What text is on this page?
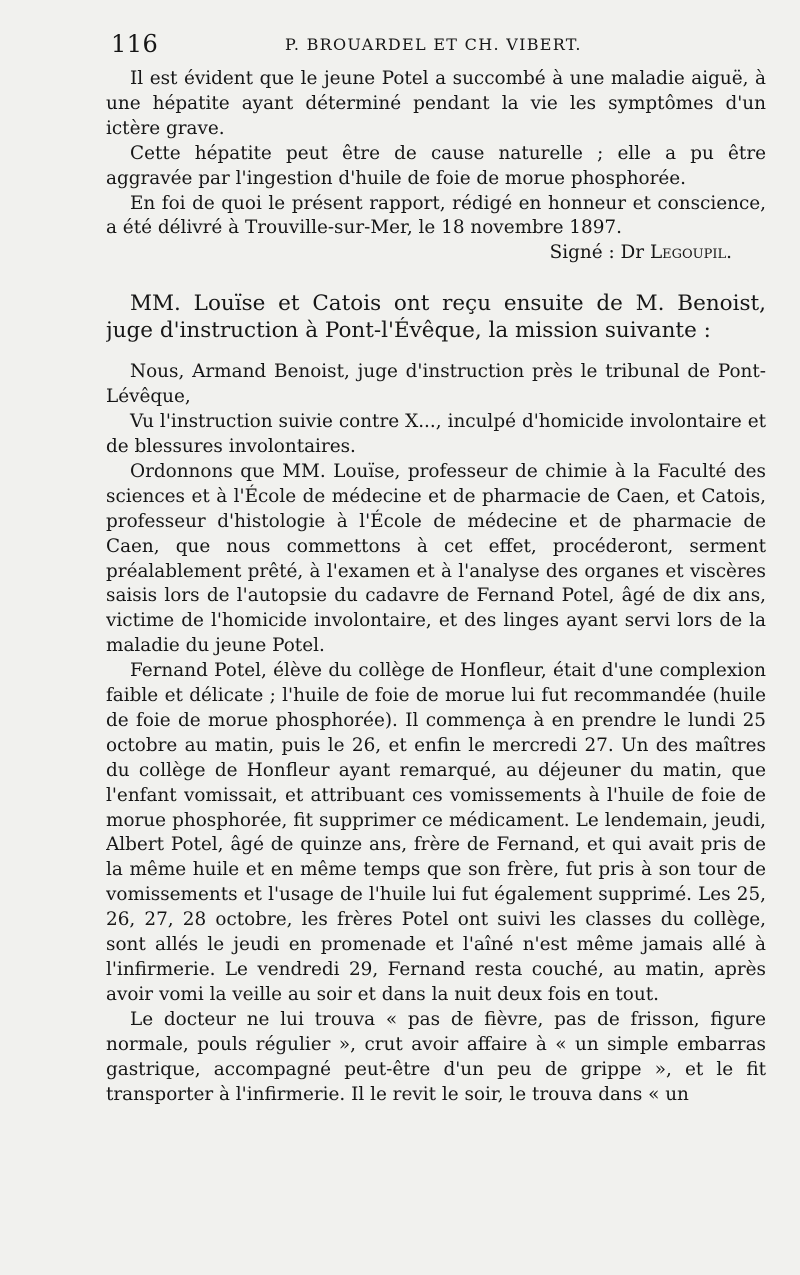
116	P. BROUARDEL ET CH. VIBERT.

Il est évident que le jeune Potel a succombé à une maladie aiguë, à une hépatite ayant déterminé pendant la vie les symptômes d'un ictère grave.

Cette hépatite peut être de cause naturelle ; elle a pu être aggravée par l'ingestion d'huile de foie de morue phosphorée.

En foi de quoi le présent rapport, rédigé en honneur et conscience, a été délivré à Trouville-sur-Mer, le 18 novembre 1897.

Signé : Dr Legoupil.

MM. Louïse et Catois ont reçu ensuite de M. Benoist, juge d'instruction à Pont-l'Évêque, la mission suivante :

Nous, Armand Benoist, juge d'instruction près le tribunal de Pont-Lévêque,

Vu l'instruction suivie contre X..., inculpé d'homicide involontaire et de blessures involontaires.

Ordonnons que MM. Louïse, professeur de chimie à la Faculté des sciences et à l'École de médecine et de pharmacie de Caen, et Catois, professeur d'histologie à l'École de médecine et de pharmacie de Caen, que nous commettons à cet effet, procéderont, serment préalablement prêté, à l'examen et à l'analyse des organes et viscères saisis lors de l'autopsie du cadavre de Fernand Potel, âgé de dix ans, victime de l'homicide involontaire, et des linges ayant servi lors de la maladie du jeune Potel.

Fernand Potel, élève du collège de Honfleur, était d'une complexion faible et délicate ; l'huile de foie de morue lui fut recommandée (huile de foie de morue phosphorée). Il commença à en prendre le lundi 25 octobre au matin, puis le 26, et enfin le mercredi 27. Un des maîtres du collège de Honfleur ayant remarqué, au déjeuner du matin, que l'enfant vomissait, et attribuant ces vomissements à l'huile de foie de morue phosphorée, fit supprimer ce médicament. Le lendemain, jeudi, Albert Potel, âgé de quinze ans, frère de Fernand, et qui avait pris de la même huile et en même temps que son frère, fut pris à son tour de vomissements et l'usage de l'huile lui fut également supprimé. Les 25, 26, 27, 28 octobre, les frères Potel ont suivi les classes du collège, sont allés le jeudi en promenade et l'aîné n'est même jamais allé à l'infirmerie. Le vendredi 29, Fernand resta couché, au matin, après avoir vomi la veille au soir et dans la nuit deux fois en tout.

Le docteur ne lui trouva « pas de fièvre, pas de frisson, figure normale, pouls régulier », crut avoir affaire à « un simple embarras gastrique, accompagné peut-être d'un peu de grippe », et le fit transporter à l'infirmerie. Il le revit le soir, le trouva dans « un
